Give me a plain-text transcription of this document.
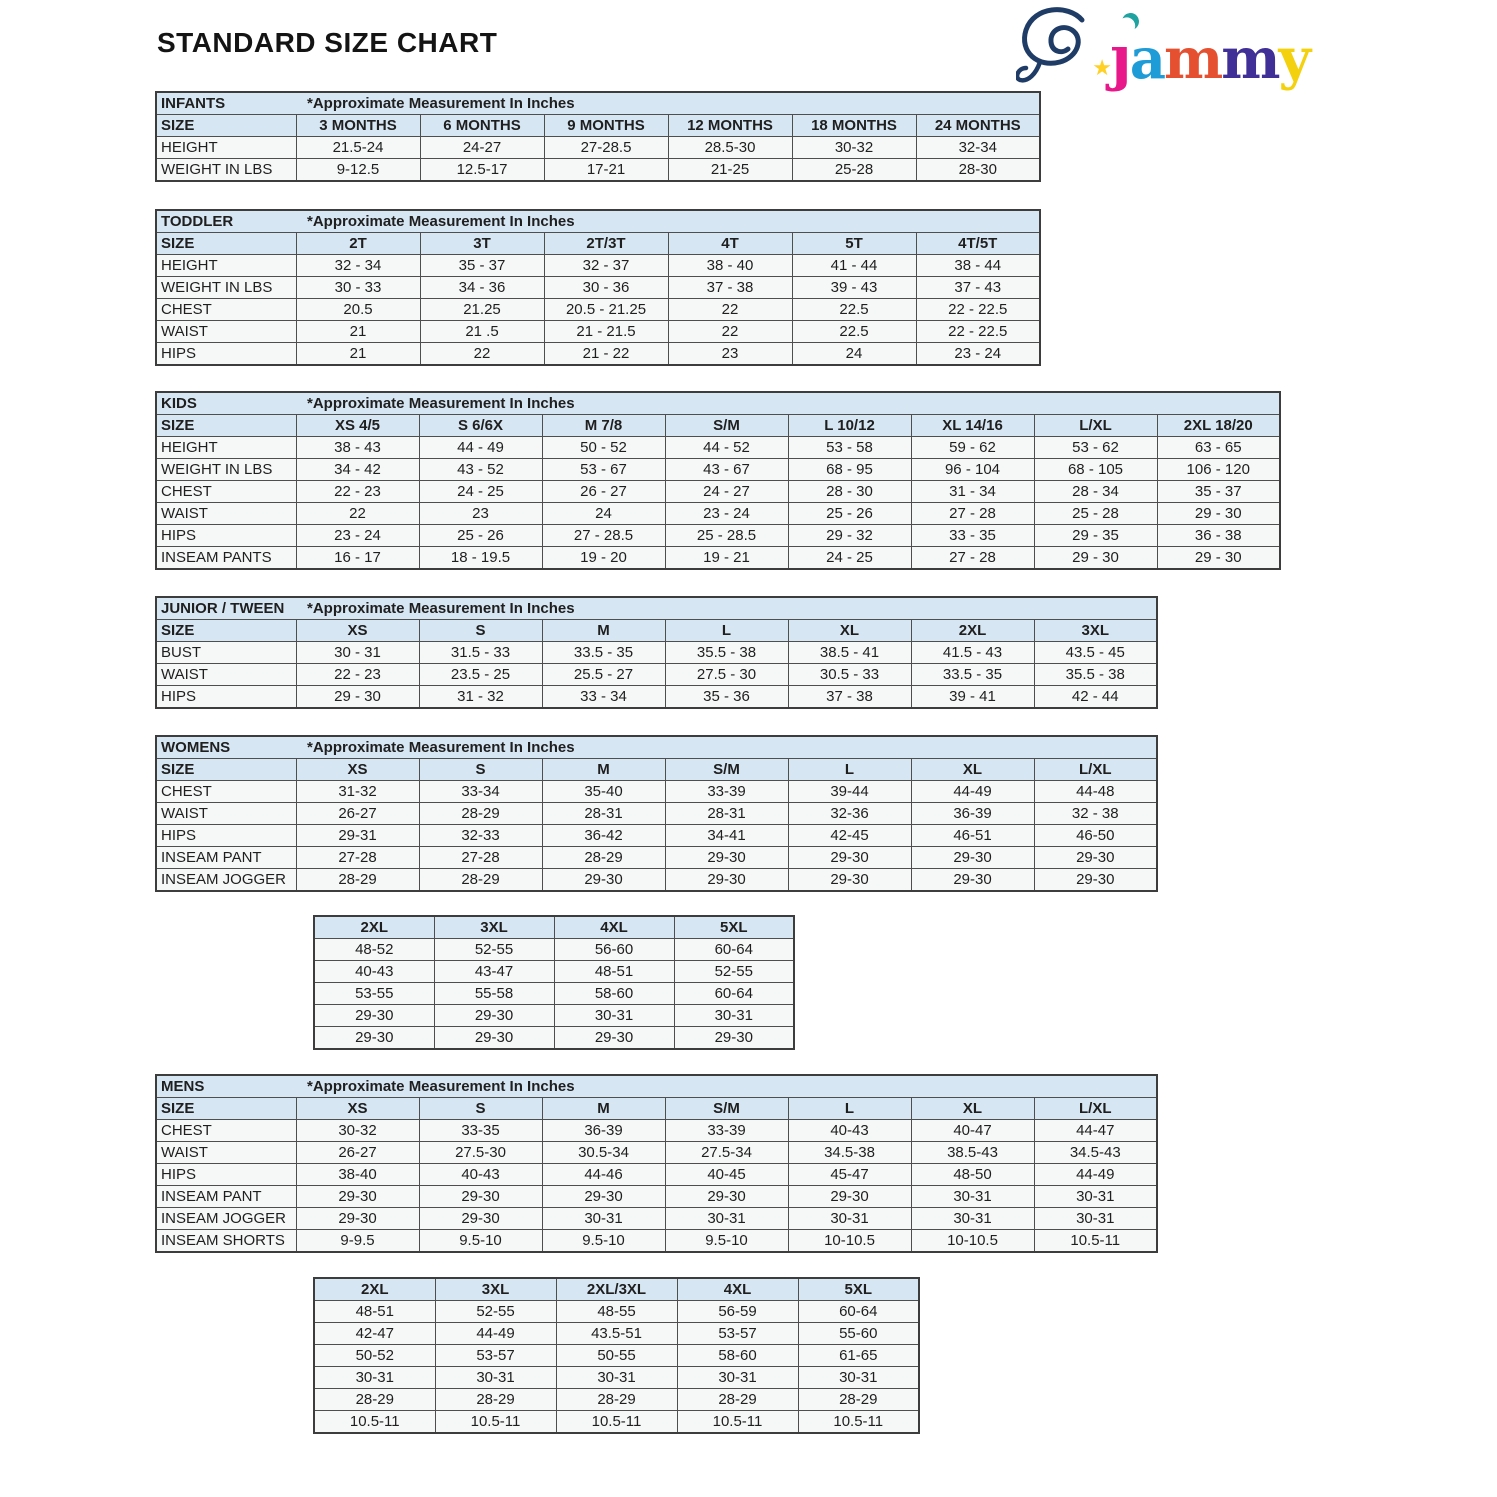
STANDARD SIZE CHART
★
ȷ a m m y
INFANTS *Approximate Measurement In Inches						

SIZE	3 MONTHS	6 MONTHS	9 MONTHS	12 MONTHS	18 MONTHS	24 MONTHS
HEIGHT	21.5-24	24-27	27-28.5	28.5-30	30-32	32-34
WEIGHT IN LBS	9-12.5	12.5-17	17-21	21-25	25-28	28-30
TODDLER *Approximate Measurement In Inches						

SIZE	2T	3T	2T/3T	4T	5T	4T/5T
HEIGHT	32 - 34	35 - 37	32 - 37	38 - 40	41 - 44	38 - 44
WEIGHT IN LBS	30 - 33	34 - 36	30 - 36	37 - 38	39 - 43	37 - 43
CHEST	20.5	21.25	20.5 - 21.25	22	22.5	22 - 22.5
WAIST	21	21 .5	21 - 21.5	22	22.5	22 - 22.5
HIPS	21	22	21 - 22	23	24	23 - 24
KIDS *Approximate Measurement In Inches								

SIZE	XS 4/5	S 6/6X	M 7/8	S/M	L 10/12	XL 14/16	L/XL	2XL 18/20
HEIGHT	38 - 43	44 - 49	50 - 52	44 - 52	53 - 58	59 - 62	53 - 62	63 - 65
WEIGHT IN LBS	34 - 42	43 - 52	53 - 67	43 - 67	68 - 95	96 - 104	68 - 105	106 - 120
CHEST	22 - 23	24 - 25	26 - 27	24 - 27	28 - 30	31 - 34	28 - 34	35 - 37
WAIST	22	23	24	23 - 24	25 - 26	27 - 28	25 - 28	29 - 30
HIPS	23 - 24	25 - 26	27 - 28.5	25 - 28.5	29 - 32	33 - 35	29 - 35	36 - 38
INSEAM PANTS	16 - 17	18 - 19.5	19 - 20	19 - 21	24 - 25	27 - 28	29 - 30	29 - 30
JUNIOR / TWEEN *Approximate Measurement In Inches							

SIZE	XS	S	M	L	XL	2XL	3XL
BUST	30 - 31	31.5 - 33	33.5 - 35	35.5 - 38	38.5 - 41	41.5 - 43	43.5 - 45
WAIST	22 - 23	23.5 - 25	25.5 - 27	27.5 - 30	30.5 - 33	33.5 - 35	35.5 - 38
HIPS	29 - 30	31 - 32	33 - 34	35 - 36	37 - 38	39 - 41	42 - 44
WOMENS *Approximate Measurement In Inches							

SIZE	XS	S	M	S/M	L	XL	L/XL
CHEST	31-32	33-34	35-40	33-39	39-44	44-49	44-48
WAIST	26-27	28-29	28-31	28-31	32-36	36-39	32 - 38
HIPS	29-31	32-33	36-42	34-41	42-45	46-51	46-50
INSEAM PANT	27-28	27-28	28-29	29-30	29-30	29-30	29-30
INSEAM JOGGER	28-29	28-29	29-30	29-30	29-30	29-30	29-30
2XL	3XL	4XL	5XL
48-52	52-55	56-60	60-64
40-43	43-47	48-51	52-55
53-55	55-58	58-60	60-64
29-30	29-30	30-31	30-31
29-30	29-30	29-30	29-30
MENS *Approximate Measurement In Inches							

SIZE	XS	S	M	S/M	L	XL	L/XL
CHEST	30-32	33-35	36-39	33-39	40-43	40-47	44-47
WAIST	26-27	27.5-30	30.5-34	27.5-34	34.5-38	38.5-43	34.5-43
HIPS	38-40	40-43	44-46	40-45	45-47	48-50	44-49
INSEAM PANT	29-30	29-30	29-30	29-30	29-30	30-31	30-31
INSEAM JOGGER	29-30	29-30	30-31	30-31	30-31	30-31	30-31
INSEAM SHORTS	9-9.5	9.5-10	9.5-10	9.5-10	10-10.5	10-10.5	10.5-11
2XL	3XL	2XL/3XL	4XL	5XL
48-51	52-55	48-55	56-59	60-64
42-47	44-49	43.5-51	53-57	55-60
50-52	53-57	50-55	58-60	61-65
30-31	30-31	30-31	30-31	30-31
28-29	28-29	28-29	28-29	28-29
10.5-11	10.5-11	10.5-11	10.5-11	10.5-11
